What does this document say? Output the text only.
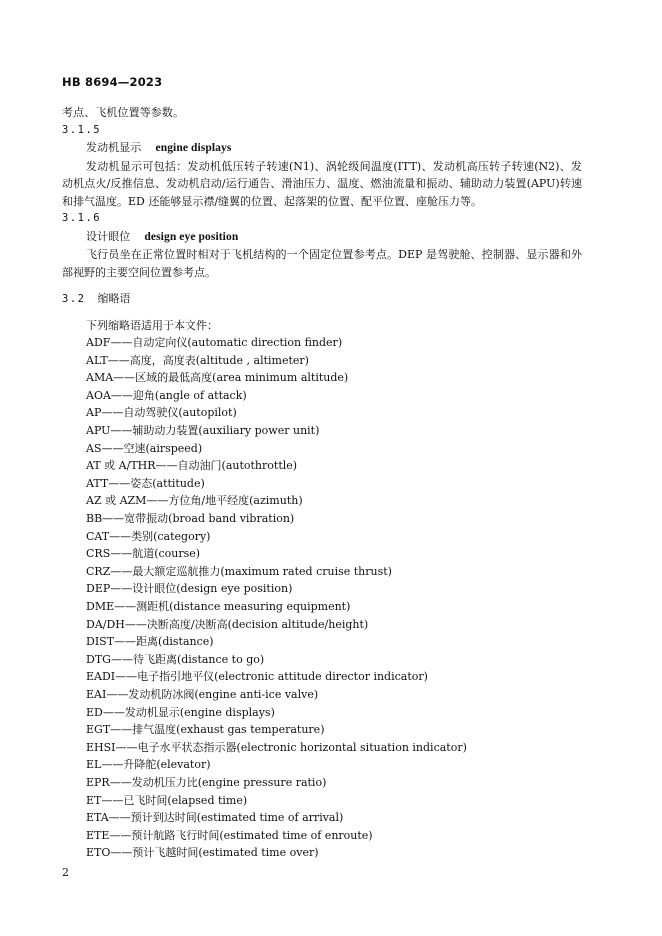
HB 8694—2023
考点、飞机位置等参数。
3.1.5
发动机显示 engine displays
发动机显示可包括：发动机低压转子转速(N1)、涡轮级间温度(ITT)、发动机高压转子转速(N2)、发动机点火/反推信息、发动机启动/运行通告、滑油压力、温度、燃油流量和振动、辅助动力装置(APU)转速和排气温度。ED 还能够显示襟/缝翼的位置、起落架的位置、配平位置、座舱压力等。
3.1.6
设计眼位 design eye position
飞行员坐在正常位置时相对于飞机结构的一个固定位置参考点。DEP 是驾驶舱、控制器、显示器和外部视野的主要空间位置参考点。
3.2 缩略语
下列缩略语适用于本文件：
ADF——自动定向仪(automatic direction finder)
ALT——高度，高度表(altitude , altimeter)
AMA——区域的最低高度(area minimum altitude)
AOA——迎角(angle of attack)
AP——自动驾驶仪(autopilot)
APU——辅助动力装置(auxiliary power unit)
AS——空速(airspeed)
AT 或 A/THR——自动油门(autothrottle)
ATT——姿态(attitude)
AZ 或 AZM——方位角/地平经度(azimuth)
BB——宽带振动(broad band vibration)
CAT——类别(category)
CRS——航道(course)
CRZ——最大额定巡航推力(maximum rated cruise thrust)
DEP——设计眼位(design eye position)
DME——测距机(distance measuring equipment)
DA/DH——决断高度/决断高(decision altitude/height)
DIST——距离(distance)
DTG——待飞距离(distance to go)
EADI——电子指引地平仪(electronic attitude director indicator)
EAI——发动机防冰阀(engine anti-ice valve)
ED——发动机显示(engine displays)
EGT——排气温度(exhaust gas temperature)
EHSI——电子水平状态指示器(electronic horizontal situation indicator)
EL——升降舵(elevator)
EPR——发动机压力比(engine pressure ratio)
ET——已飞时间(elapsed time)
ETA——预计到达时间(estimated time of arrival)
ETE——预计航路飞行时间(estimated time of enroute)
ETO——预计飞越时间(estimated time over)
2
